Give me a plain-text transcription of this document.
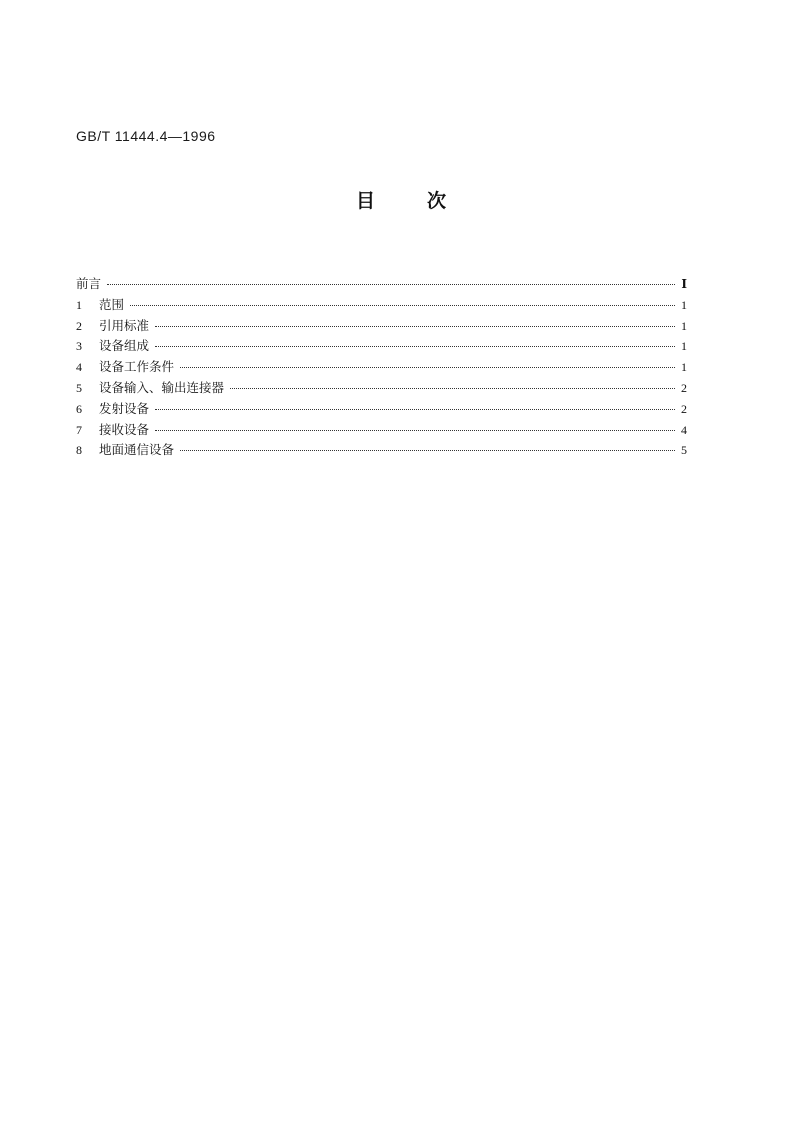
GB/T 11444.4—1996
目	次
前言	Ⅰ
1	范围	1
2	引用标准	1
3	设备组成	1
4	设备工作条件	1
5	设备输入、输出连接器	2
6	发射设备	2
7	接收设备	4
8	地面通信设备	5
